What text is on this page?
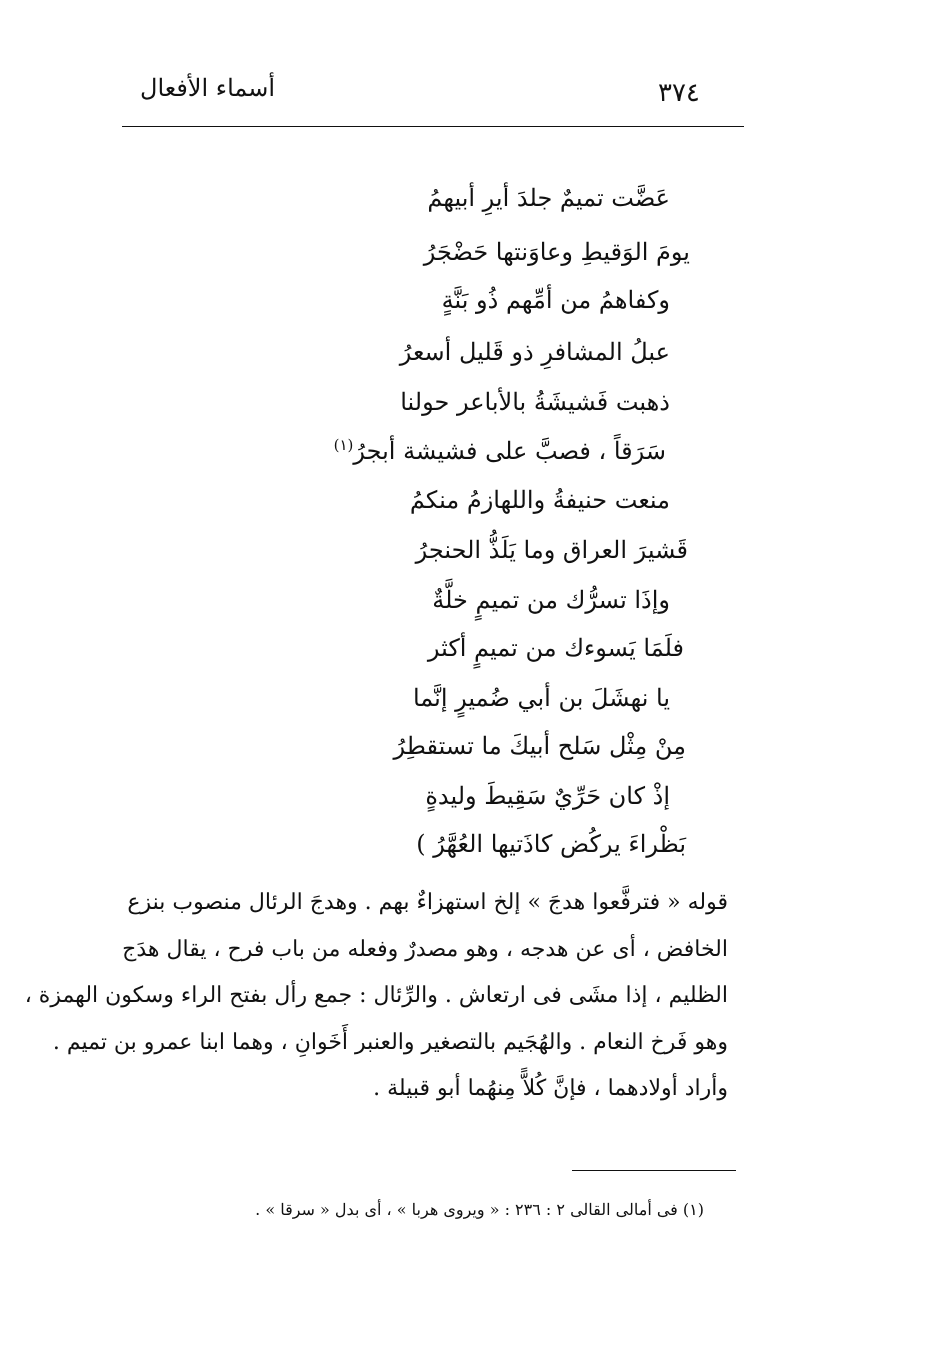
أسماء الأفعال	٣٧٤
عَضَّت تميمٌ جلدَ أيرِ أبيهمُ
يومَ الوَقيطِ وعاوَنتها حَضْجَرُ
وكفاهمُ من أمِّهم ذُو بَنَّةٍ
عبلُ المشافرِ ذو قَليل أسعرُ
ذهبت فَشيشَةُ بالأباعر حولنا
سَرَقاً ، فصبَّ على فشيشة أبجرُ$^{(١)}$
منعت حنيفةُ واللهازمُ منكمُ
قَشيرَ العراق وما يَلَذُّ الحنجرُ
وإذَا تسرُّك من تميمٍ خلَّةٌ
فلَمَا يَسوءك من تميمٍ أكثر
يا نهشَلَ بن أبي ضُميرٍ إنَّما
مِنْ مِثْل سَلح أبيكَ ما تستقطِرُ
إذْ كان حَرِّيٌ سَقِيطَ وليدةٍ
بَظْراءَ يركُض كاذَتيها العُهَّرُ )
قوله « فترفَّعوا هدجَ » إلخ استهزاءٌ بهم . وهدجَ الرئال منصوب بنزع
الخافض ، أى عن هدجه ، وهو مصدرٌ وفعله من باب فرح ، يقال هدَج
الظليم ، إذا مشَى فى ارتعاش . والرِّئال : جمع رأل بفتح الراء وسكون الهمزة ،
وهو فَرخ النعام . والهُجَيم بالتصغير والعنبر أَخَوانِ ، وهما ابنا عمرو بن تميم .
وأراد أولادهما ، فإنَّ كُلاًّ مِنهُما أبو قبيلة .
(١) فى أمالى القالى ٢ : ٢٣٦ : « ويروى هربا » ، أى بدل « سرقا » .
